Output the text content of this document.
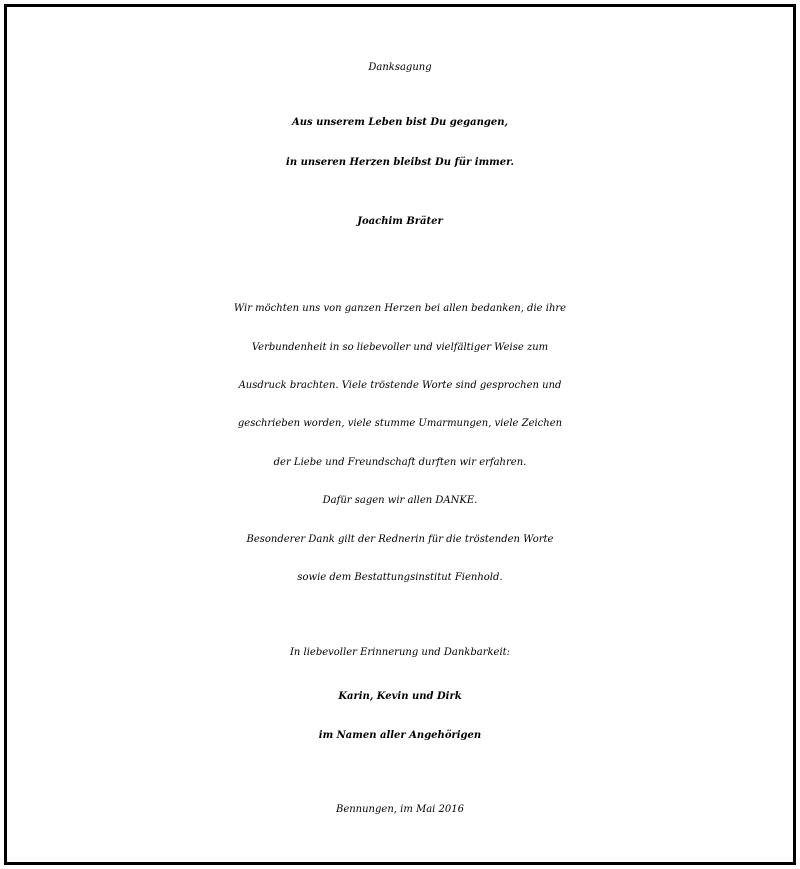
Danksagung
Aus unserem Leben bist Du gegangen,
in unseren Herzen bleibst Du für immer.
Joachim Bräter
Wir möchten uns von ganzen Herzen bei allen bedanken, die ihre
Verbundenheit in so liebevoller und vielfältiger Weise zum
Ausdruck brachten. Viele tröstende Worte sind gesprochen und
geschrieben worden, viele stumme Umarmungen, viele Zeichen
der Liebe und Freundschaft durften wir erfahren.
Dafür sagen wir allen DANKE.
Besonderer Dank gilt der Rednerin für die tröstenden Worte
sowie dem Bestattungsinstitut Fienhold.
In liebevoller Erinnerung und Dankbarkeit:
Karin, Kevin und Dirk
im Namen aller Angehörigen
Bennungen, im Mai 2016
